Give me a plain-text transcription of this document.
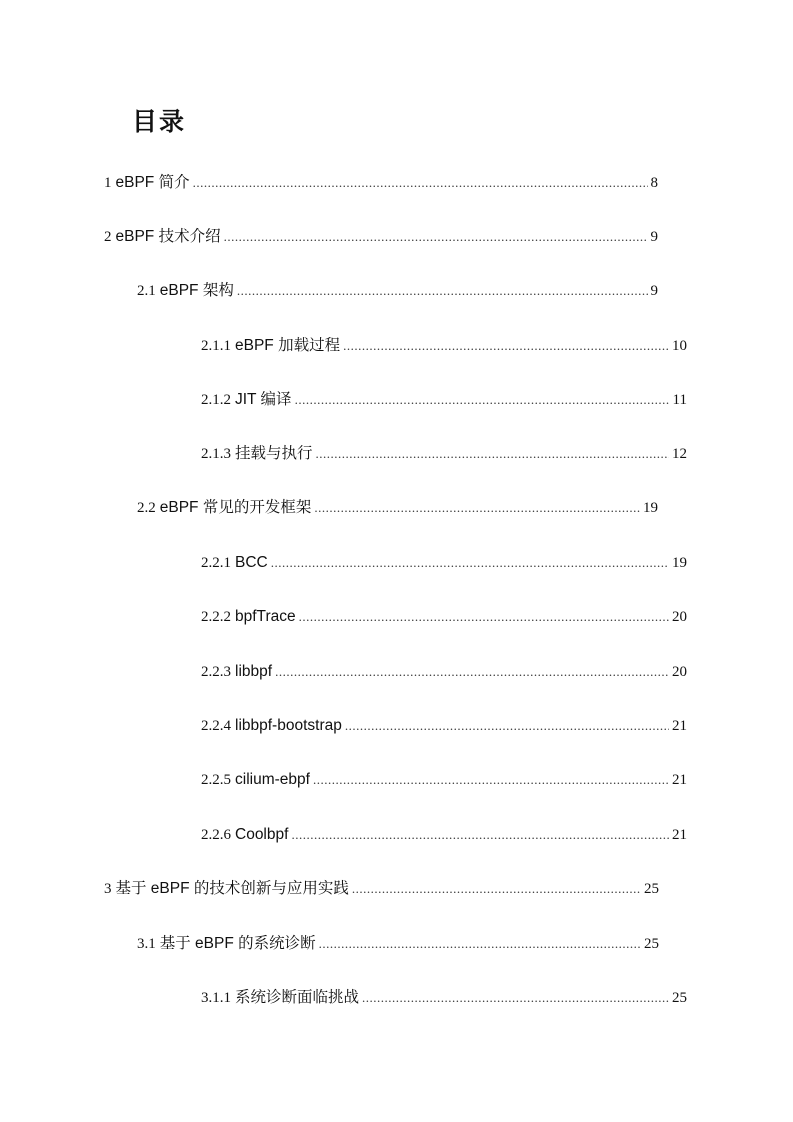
目录
1 eBPF 简介 .....	8
2 eBPF 技术介绍 .....	9
2.1 eBPF 架构 .....	9
2.1.1 eBPF 加载过程 .....	10
2.1.2 JIT 编译 .....	11
2.1.3 挂载与执行 .....	12
2.2 eBPF 常见的开发框架 .....	19
2.2.1 BCC .....	19
2.2.2 bpfTrace .....	20
2.2.3 libbpf .....	20
2.2.4 libbpf-bootstrap .....	21
2.2.5 cilium-ebpf .....	21
2.2.6 Coolbpf .....	21
3 基于 eBPF 的技术创新与应用实践 .....	25
3.1 基于 eBPF 的系统诊断 .....	25
3.1.1 系统诊断面临挑战 .....	25
